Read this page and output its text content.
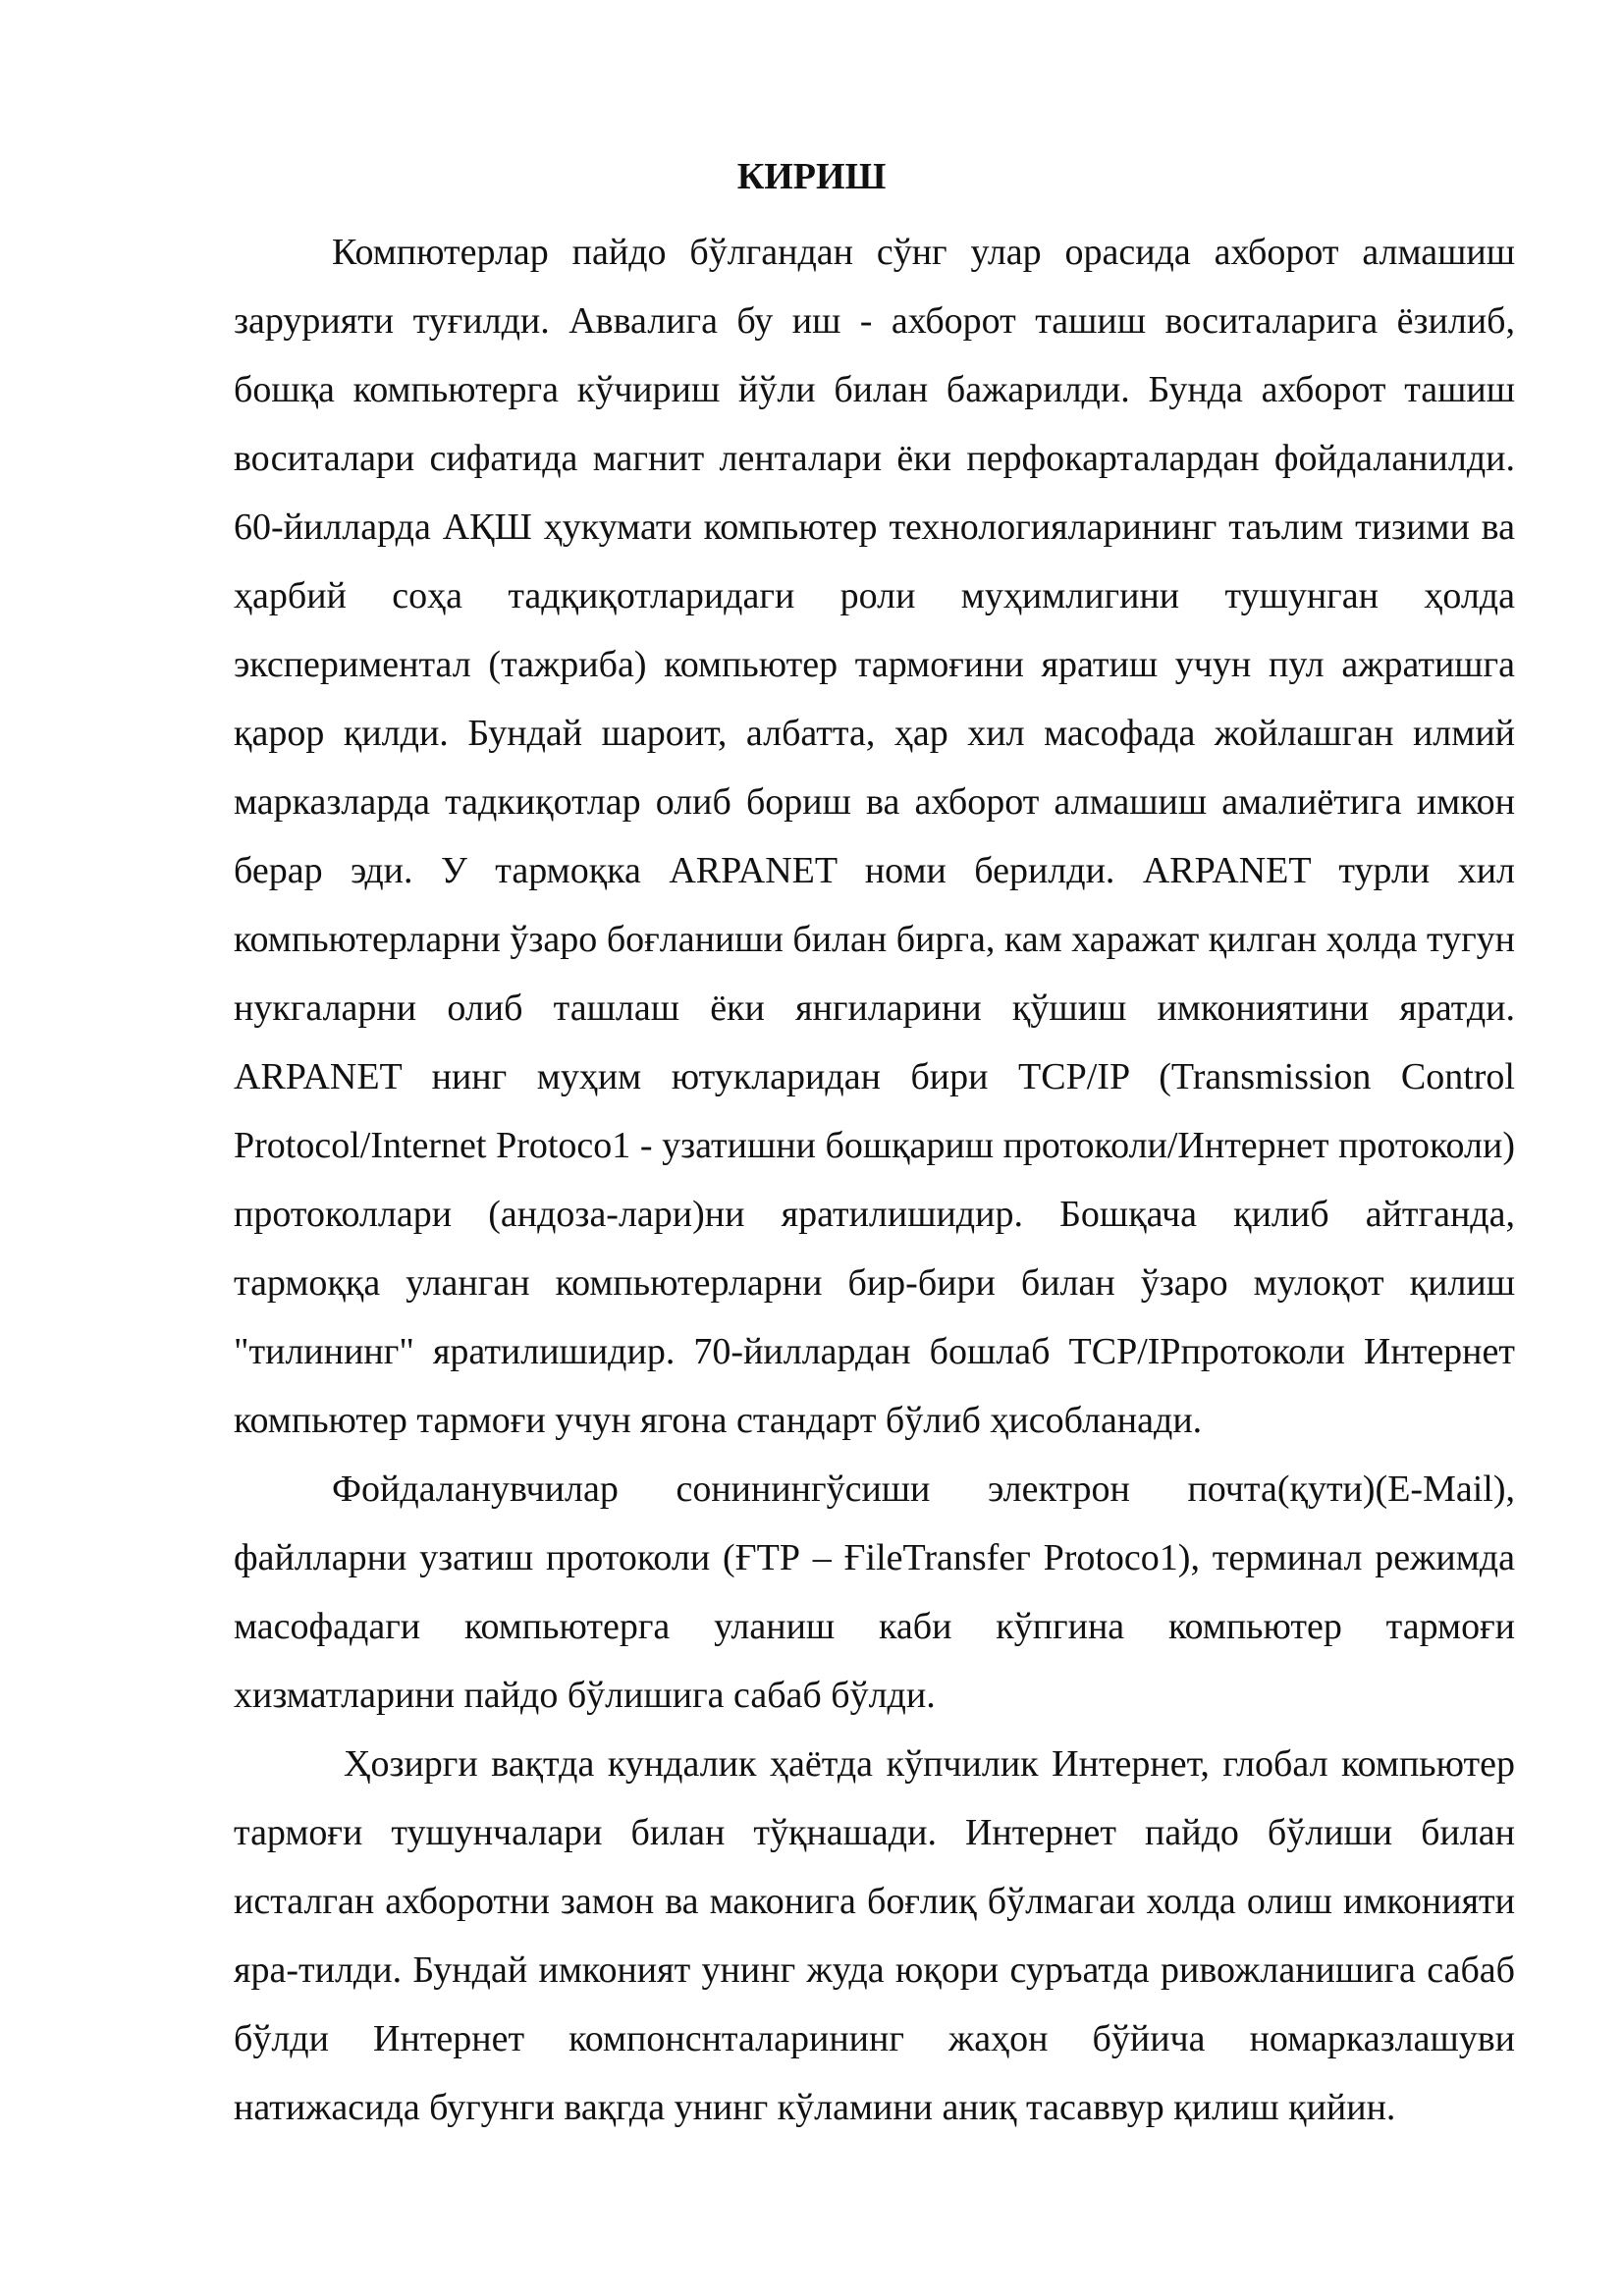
КИРИШ

Компютерлар пайдо бўлгандан сўнг улар орасида ахборот алмашиш зарурияти туғилди. Аввалига бу иш - ахборот ташиш воситаларига ёзилиб, бошқа компьютерга кўчириш йўли билан бажарилди. Бунда ахборот ташиш воситалари сифатида магнит ленталари ёки перфокарталардан фойдаланилди. 60-йилларда АҚШ ҳукумати компьютер технологияларининг таълим тизими ва ҳарбий соҳа тадқиқотларидаги роли муҳимлигини тушунган ҳолда экспериментал (тажриба) компьютер тармоғини яратиш учун пул ажратишга қарор қилди. Бундай шароит, албатта, ҳар хил масофада жойлашган илмий марказларда тадкиқотлар олиб бориш ва ахборот алмашиш амалиётига имкон берар эди. У тармоқка ARPANET номи берилди. ARPANET турли хил компьютерларни ўзаро боғланиши билан бирга, кам харажат қилган ҳолда тугун нукгаларни олиб ташлаш ёки янгиларини қўшиш имкониятини яратди. ARPANET нинг муҳим ютукларидан бири TCP/IP (Transmission Control Protocol/Internet Protoco1 - узатишни бошқариш протоколи/Интернет протоколи) протоколлари (андоза-лари)ни яратилишидир. Бошқача қилиб айтганда, тармоққа уланган компьютерларни бир-бири билан ўзаро мулоқот қилиш "тилининг" яратилишидир. 70-йиллардан бошлаб TCP/IPпротоколи Интернет компьютер тармоғи учун ягона стандарт бўлиб ҳисобланади.

Фойдаланувчилар сонинингўсиши электрон почта(қути)(E-Mail), файлларни узатиш протоколи (ҒТР – ҒileTransfeг Protoco1), терминал режимда масофадаги компьютерга уланиш каби кўпгина компьютер тармоғи хизматларини пайдо бўлишига сабаб бўлди.

Ҳозирги вақтда кундалик ҳаётда кўпчилик Интернет, глобал компьютер тармоғи тушунчалари билан тўқнашади. Интернет пайдо бўлиши билан исталган ахборотни замон ва маконига боғлиқ бўлмагаи холда олиш имконияти яра-тилди. Бундай имконият унинг жуда юқори суръатда ривожланишига сабаб бўлди Интернет компонснталарининг жаҳон бўйича номарказлашуви натижасида бугунги вақгда унинг кўламини аниқ тасаввур қилиш қийин.
